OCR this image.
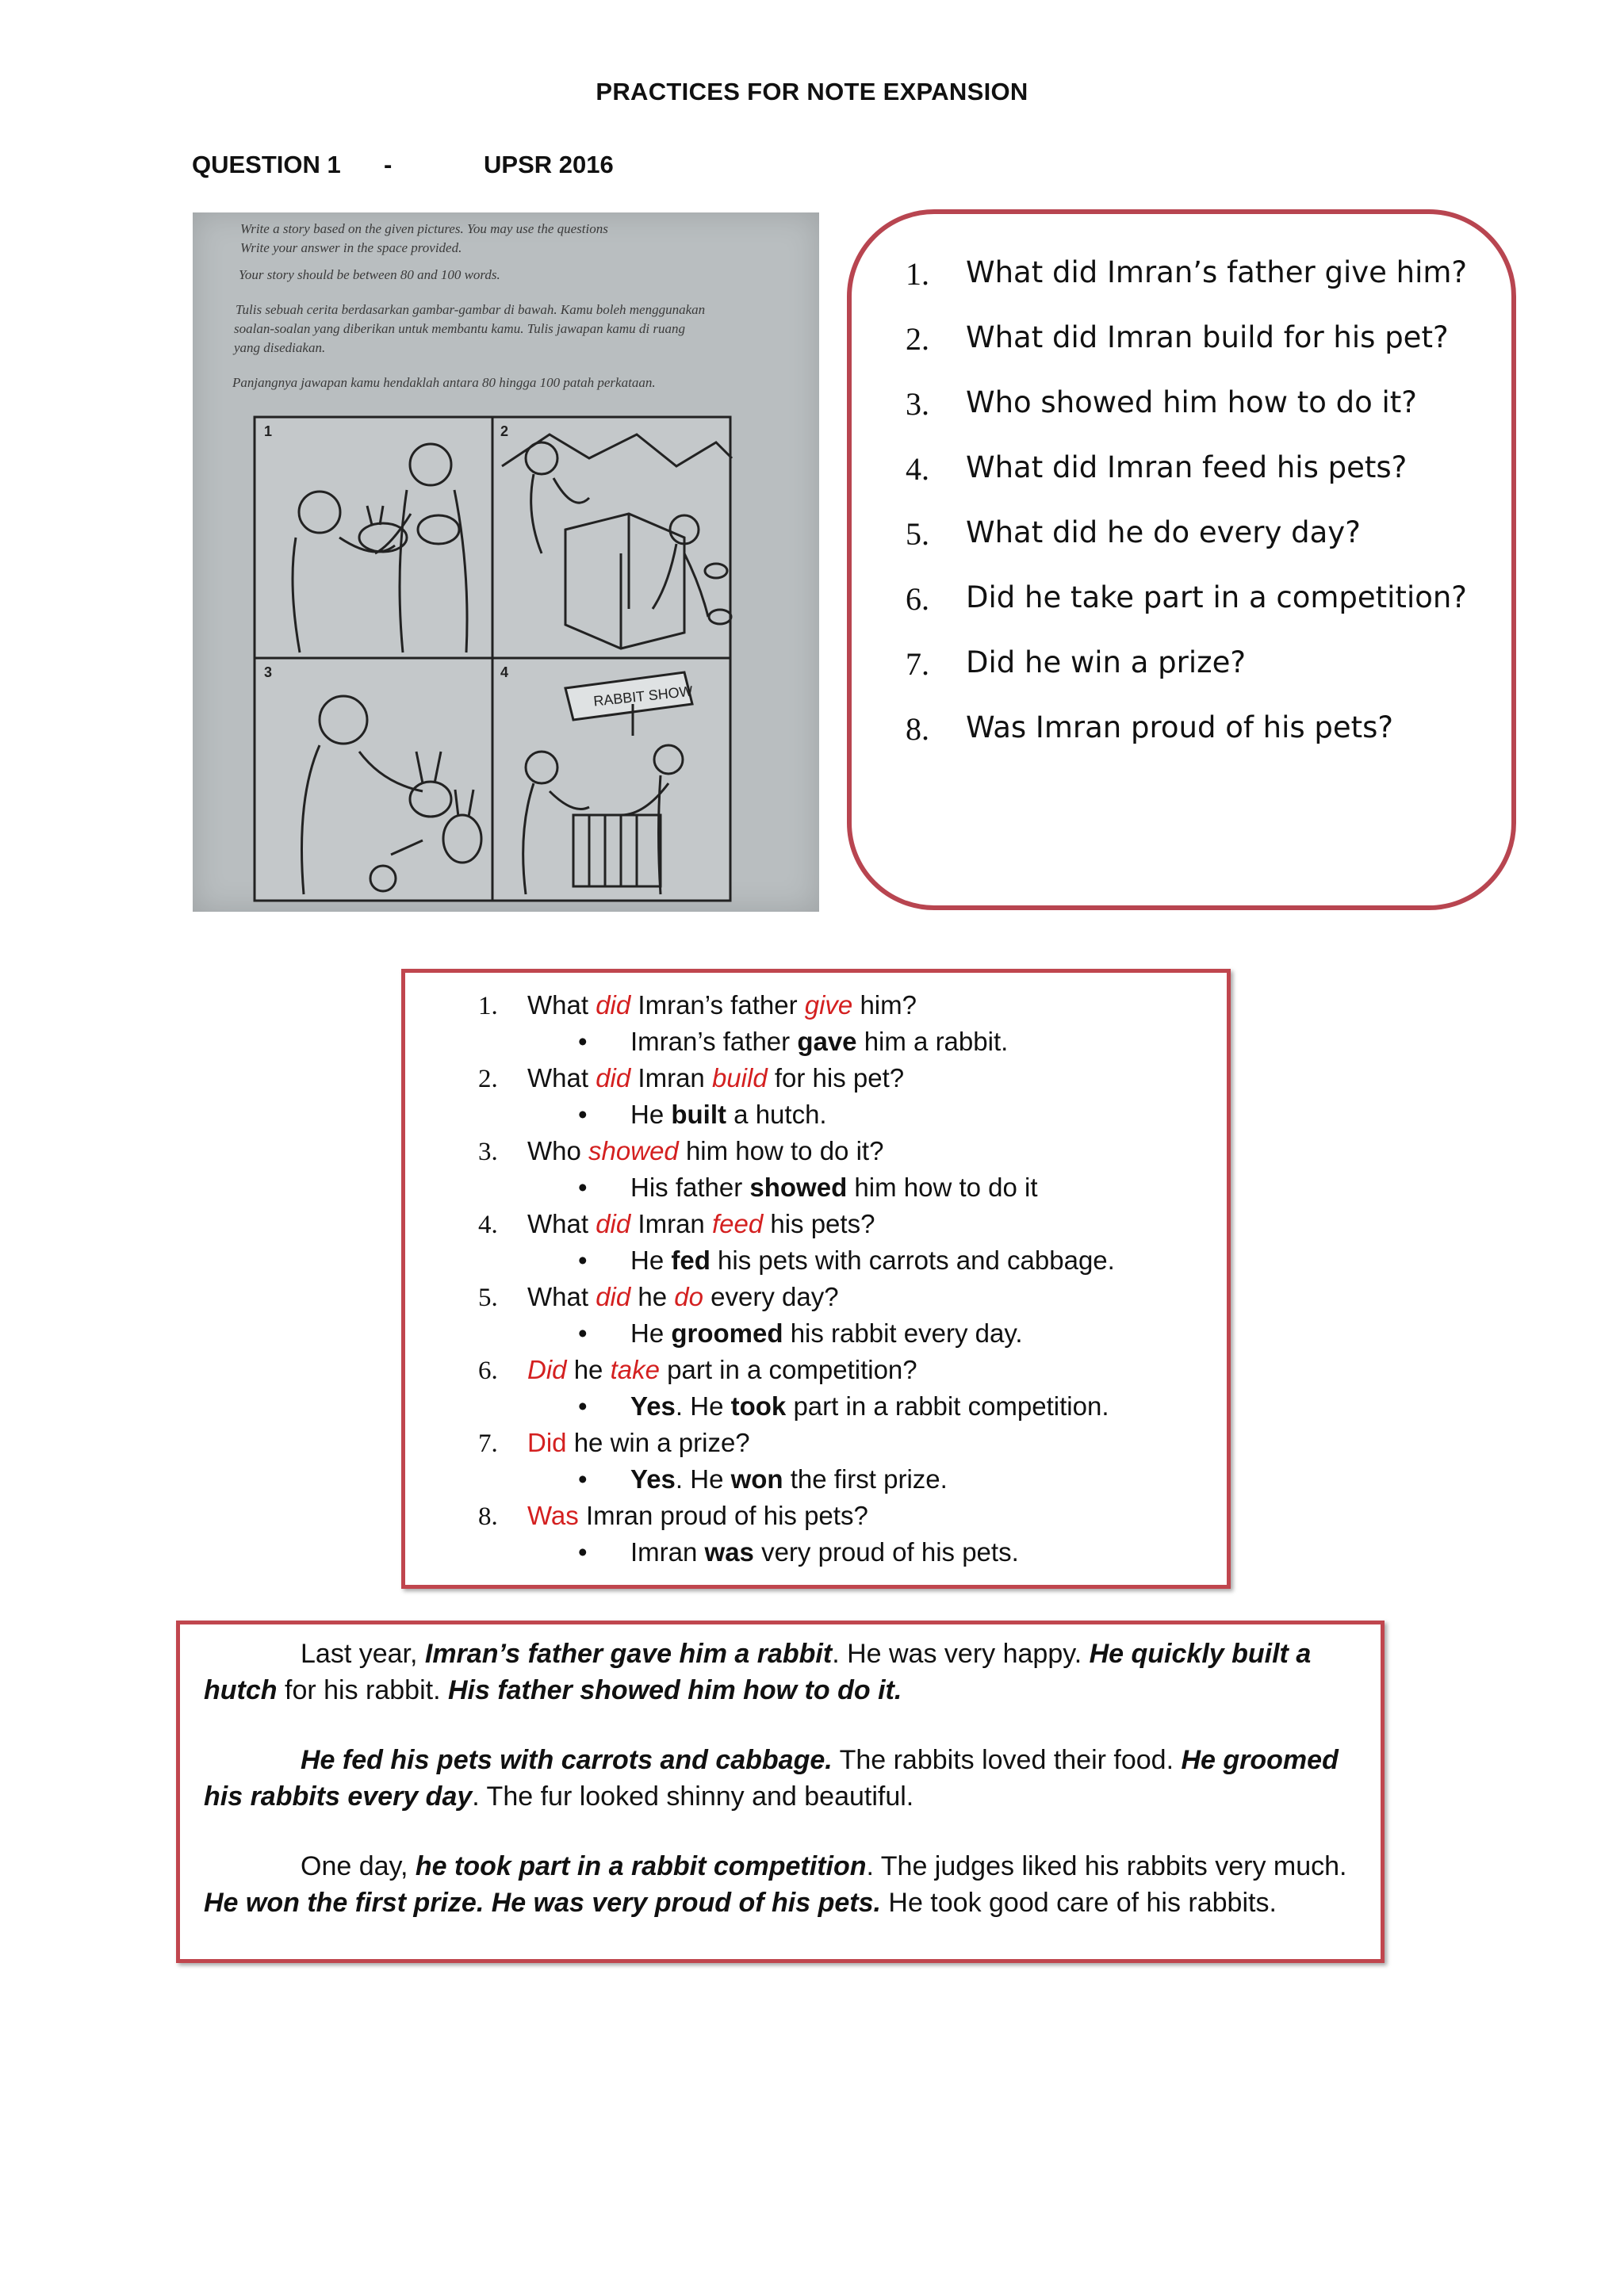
PRACTICES FOR NOTE EXPANSION
QUESTION 1 -	UPSR 2016
Write a story based on the given pictures. You may use the questions
Write your answer in the space provided.
Your story should be between 80 and 100 words.
Tulis sebuah cerita berdasarkan gambar-gambar di bawah. Kamu boleh menggunakan
soalan-soalan yang diberikan untuk membantu kamu. Tulis jawapan kamu di ruang
yang disediakan.
Panjangnya jawapan kamu hendaklah antara 80 hingga 100 patah perkataan.
1	2
3	4
RABBIT SHOW
1.	What did Imran’s father give him?
2.	What did Imran build for his pet?
3.	Who showed him how to do it?
4.	What did Imran feed his pets?
5.	What did he do every day?
6.	Did he take part in a competition?
7.	Did he win a prize?
8.	Was Imran proud of his pets?
1. What did Imran’s father give him?
• Imran’s father gave him a rabbit.
2. What did Imran build for his pet?
• He built a hutch.
3. Who showed him how to do it?
• His father showed him how to do it
4. What did Imran feed his pets?
• He fed his pets with carrots and cabbage.
5. What did he do every day?
• He groomed his rabbit every day.
6. Did he take part in a competition?
• Yes. He took part in a rabbit competition.
7. Did he win a prize?
• Yes. He won the first prize.
8. Was Imran proud of his pets?
• Imran was very proud of his pets.

Last year, Imran’s father gave him a rabbit. He was very happy. He quickly built a
hutch for his rabbit. His father showed him how to do it.

He fed his pets with carrots and cabbage. The rabbits loved their food. He groomed
his rabbits every day. The fur looked shinny and beautiful.

One day, he took part in a rabbit competition. The judges liked his rabbits very much.
He won the first prize. He was very proud of his pets. He took good care of his rabbits.
